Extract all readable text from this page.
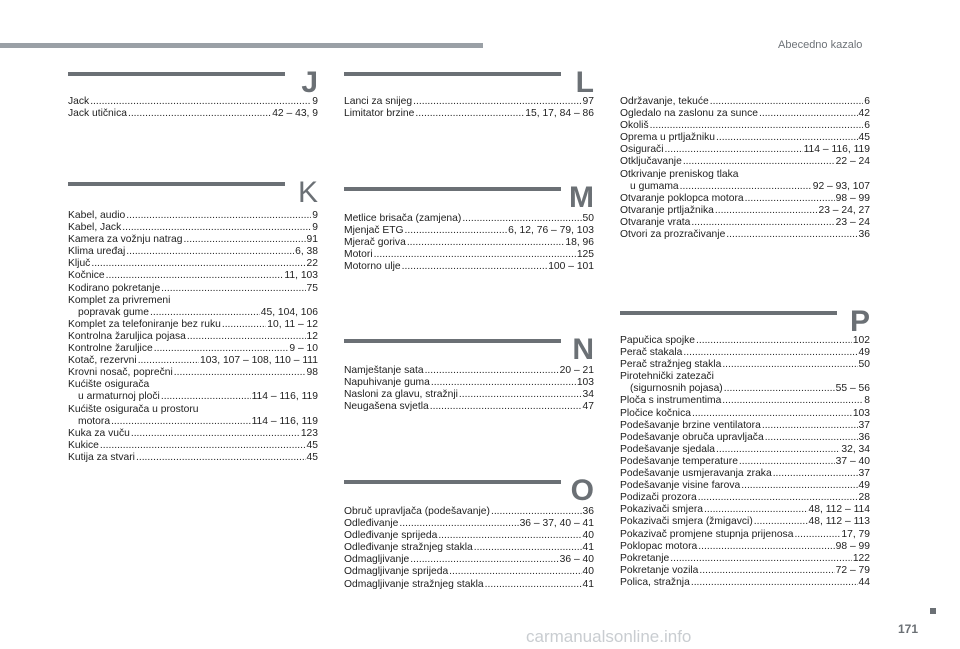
Abecedno kazalo
J
Jack .....	9
Jack utičnica .....	42 – 43, 9
K
Kabel, audio .....	9
Kabel, Jack .....	9
Kamera za vožnju natrag .....	91
Klima uređaj .....	6, 38
Ključ .....	22
Kočnice .....	11, 103
Kodirano pokretanje .....	75
Komplet za privremeni
popravak gume .....	45, 104, 106
Komplet za telefoniranje bez ruku .....	10, 11 – 12
Kontrolna žaruljica pojasa .....	12
Kontrolne žaruljice .....	9 – 10
Kotač, rezervni .....	103, 107 – 108, 110 – 111
Krovni nosač, poprečni .....	98
Kućište osigurača
u armaturnoj ploči .....	114 – 116, 119
Kućište osigurača u prostoru
motora .....	114 – 116, 119
Kuka za vuču .....	123
Kukice .....	45
Kutija za stvari .....	45
L
Lanci za snijeg .....	97
Limitator brzine .....	15, 17, 84 – 86
M
Metlice brisača (zamjena) .....	50
Mjenjač ETG .....	6, 12, 76 – 79, 103
Mjerač goriva .....	18, 96
Motori .....	125
Motorno ulje .....	100 – 101
N
Namještanje sata .....	20 – 21
Napuhivanje guma .....	103
Nasloni za glavu, stražnji .....	34
Neugašena svjetla .....	47
O
Obruč upravljača (podešavanje) .....	36
Odleđivanje .....	36 – 37, 40 – 41
Odleđivanje sprijeda .....	40
Odleđivanje stražnjeg stakla .....	41
Odmagljivanje .....	36 – 40
Odmagljivanje sprijeda .....	40
Odmagljivanje stražnjeg stakla .....	41
Održavanje, tekuće .....	6
Ogledalo na zaslonu za sunce .....	42
Okoliš .....	6
Oprema u prtljažniku .....	45
Osigurači .....	114 – 116, 119
Otključavanje .....	22 – 24
Otkrivanje preniskog tlaka
u gumama .....	92 – 93, 107
Otvaranje poklopca motora .....	98 – 99
Otvaranje prtljažnika .....	23 – 24, 27
Otvaranje vrata .....	23 – 24
Otvori za prozračivanje .....	36
P
Papučica spojke .....	102
Perač stakala .....	49
Perač stražnjeg stakla .....	50
Pirotehnički zatezači
(sigurnosnih pojasa) .....	55 – 56
Ploča s instrumentima .....	8
Pločice kočnica .....	103
Podešavanje brzine ventilatora .....	37
Podešavanje obruča upravljača .....	36
Podešavanje sjedala .....	32, 34
Podešavanje temperature .....	37 – 40
Podešavanje usmjeravanja zraka .....	37
Podešavanje visine farova .....	49
Podizači prozora .....	28
Pokazivači smjera .....	48, 112 – 114
Pokazivači smjera (žmigavci) .....	48, 112 – 113
Pokazivač promjene stupnja prijenosa .....	17, 79
Poklopac motora .....	98 – 99
Pokretanje .....	122
Pokretanje vozila .....	72 – 79
Polica, stražnja .....	44
171
carmanualsonline.info
